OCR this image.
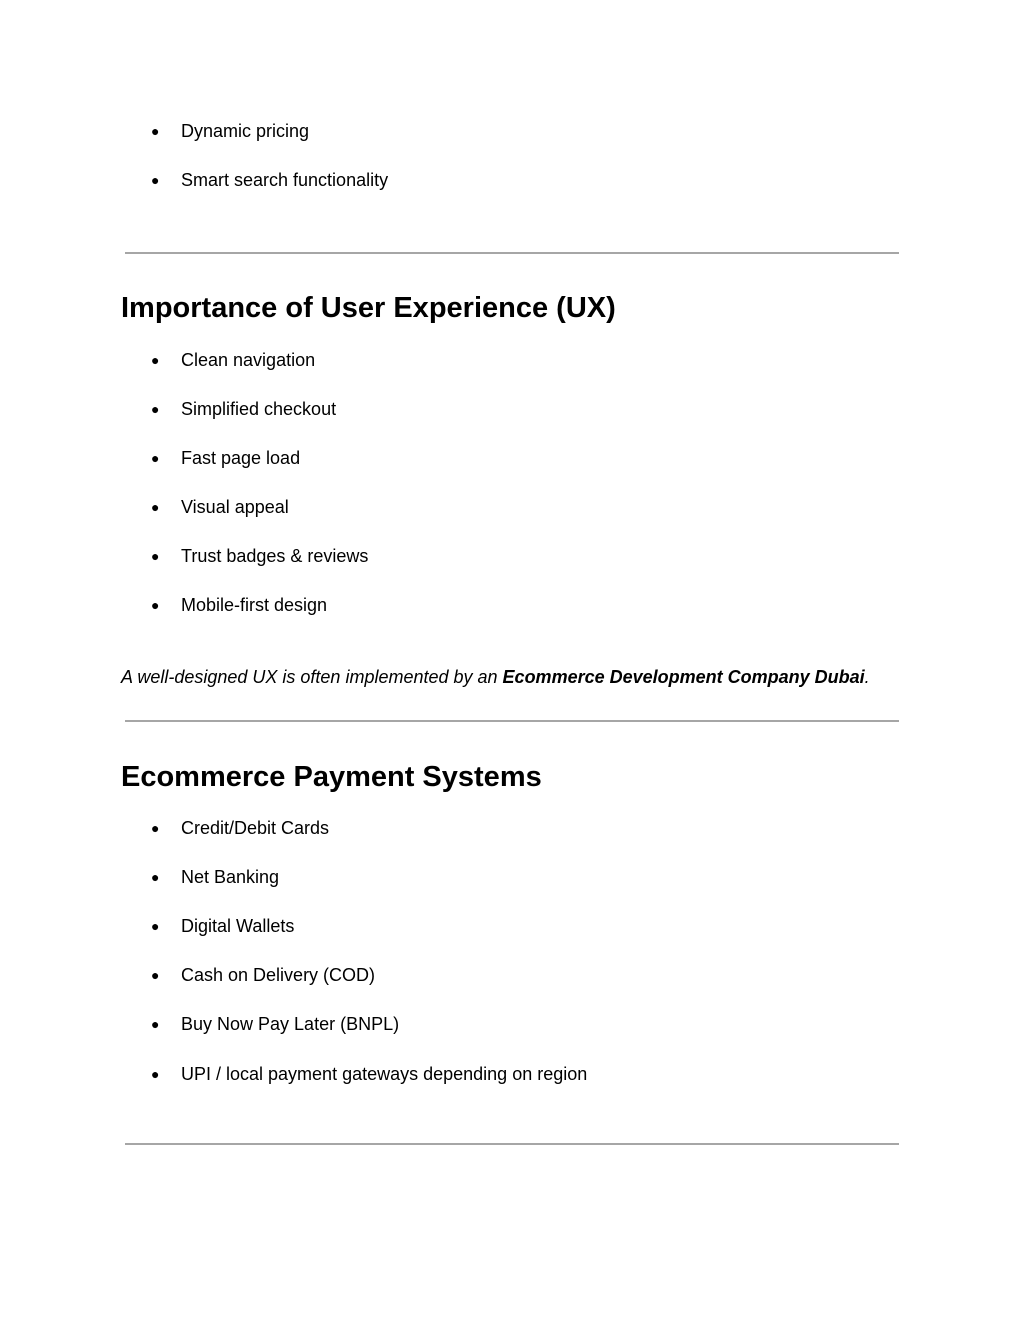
●	Dynamic pricing
●	Smart search functionality
Importance of User Experience (UX)
●	Clean navigation
●	Simplified checkout
●	Fast page load
●	Visual appeal
●	Trust badges & reviews
●	Mobile-first design

A well-designed UX is often implemented by an Ecommerce Development Company Dubai.

Ecommerce Payment Systems
●	Credit/Debit Cards
●	Net Banking
●	Digital Wallets
●	Cash on Delivery (COD)
●	Buy Now Pay Later (BNPL)
●	UPI / local payment gateways depending on region
